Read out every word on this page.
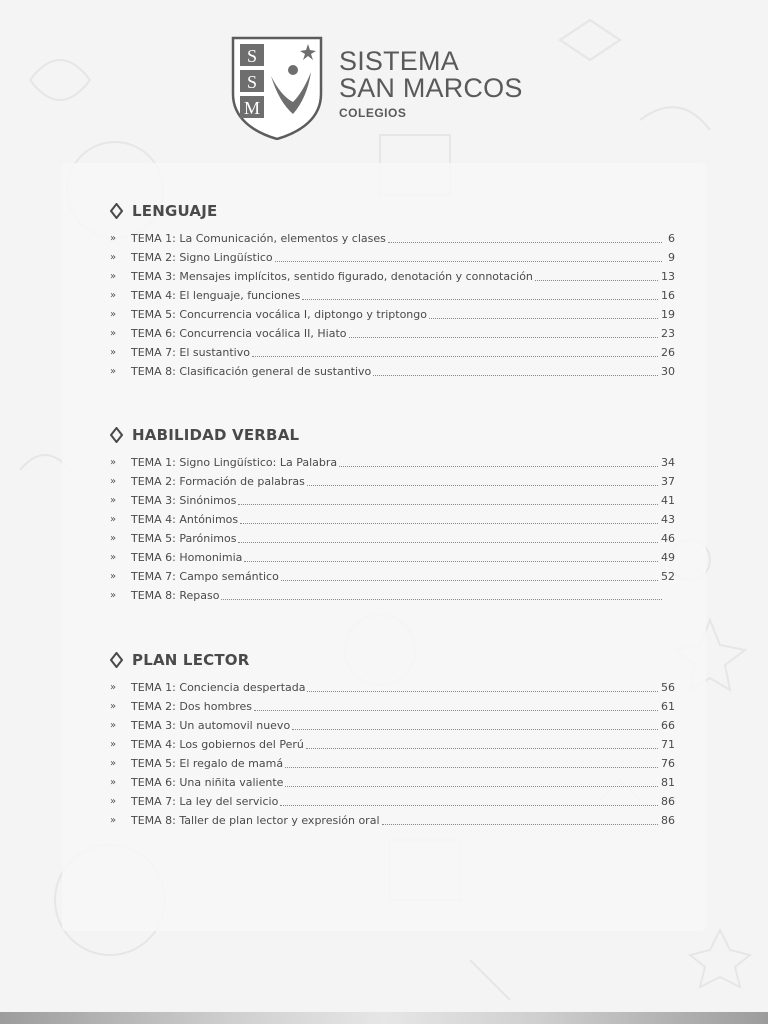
S
S
M
SISTEMA
SAN MARCOS
COLEGIOS
LENGUAJE
»	TEMA 1: La Comunicación, elementos y clases	6
»	TEMA 2: Signo Lingüístico	9
»	TEMA 3: Mensajes implícitos, sentido figurado, denotación y connotación	13
»	TEMA 4: El lenguaje, funciones	16
»	TEMA 5: Concurrencia vocálica I, diptongo y triptongo	19
»	TEMA 6: Concurrencia vocálica II, Hiato	23
»	TEMA 7: El sustantivo	26
»	TEMA 8: Clasificación general de sustantivo	30
HABILIDAD VERBAL
»	TEMA 1: Signo Lingüístico: La Palabra	34
»	TEMA 2: Formación de palabras	37
»	TEMA 3: Sinónimos	41
»	TEMA 4: Antónimos	43
»	TEMA 5: Parónimos	46
»	TEMA 6: Homonimia	49
»	TEMA 7: Campo semántico	52
»	TEMA 8: Repaso
PLAN LECTOR
»	TEMA 1: Conciencia despertada	56
»	TEMA 2: Dos hombres	61
»	TEMA 3: Un automovil nuevo	66
»	TEMA 4: Los gobiernos del Perú	71
»	TEMA 5: El regalo de mamá	76
»	TEMA 6: Una niñita valiente	81
»	TEMA 7: La ley del servicio	86
»	TEMA 8: Taller de plan lector y expresión oral	86
